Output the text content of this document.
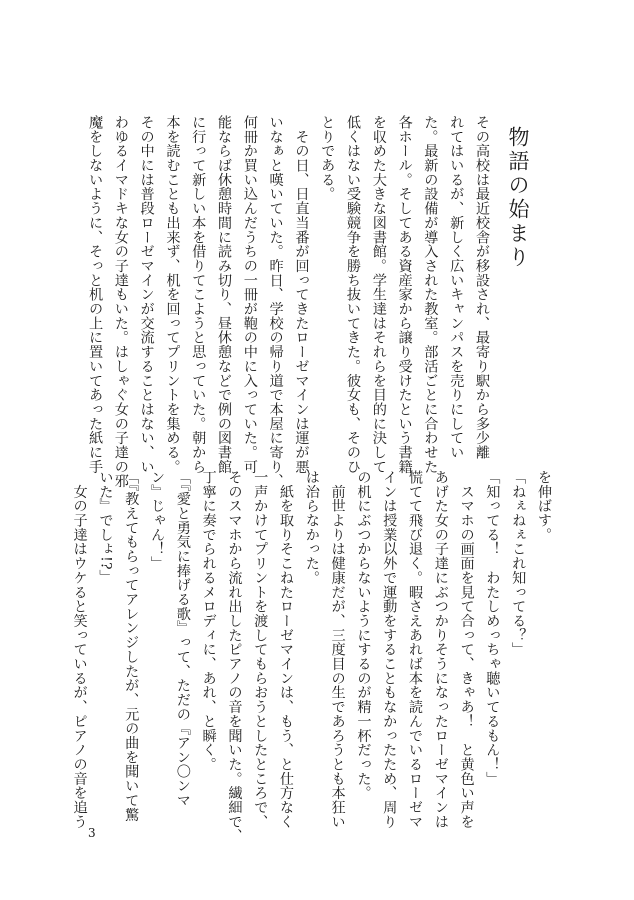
物語の始まり
その高校は最近校舎が移設され、最寄り駅から多少離
れてはいるが、新しく広いキャンパスを売りにしてい
た。最新の設備が導入された教室。部活ごとに合わせた
各ホール。そしてある資産家から譲り受けたという書籍
を収めた大きな図書館。学生達はそれらを目的に決して
低くはない受験競争を勝ち抜いてきた。彼女も、そのひ
とりである。
　その日、日直当番が回ってきたローゼマインは運が悪
いなぁと嘆いていた。昨日、学校の帰り道で本屋に寄り、
何冊か買い込んだうちの一冊が鞄の中に入っていた。可
能ならば休憩時間に読み切り、昼休憩などで例の図書館
に行って新しい本を借りてこようと思っていた。朝から
本を読むことも出来ず、机を回ってプリントを集める。
その中には普段ローゼマインが交流することはない、い
わゆるイマドキな女の子達もいた。はしゃぐ女の子達の邪
魔をしないように、そっと机の上に置いてあった紙に手
を伸ばす。
「ねぇねぇこれ知ってる？」
「知ってる！　わたしめっちゃ聴いてるもん！」
　スマホの画面を見て合って、きゃあ！　と黄色い声を
あげた女の子達にぶつかりそうになったローゼマインは
慌てて飛び退く。暇さえあれば本を読んでいるローゼマ
インは授業以外で運動をすることもなかったため、周り
の机にぶつからないようにするのが精一杯だった。
　前世よりは健康だが、三度目の生であろうとも本狂い
は治らなかった。
　紙を取りそこねたローゼマインは、もう、と仕方なく
一声かけてプリントを渡してもらおうとしたところで、
そのスマホから流れ出したピアノの音を聞いた。繊細で、
丁寧に奏でられるメロディに、あれ、と瞬く。
「『愛と勇気に捧げる歌』って、ただの『アン〇ンマ
ン』じゃん！」
「『教えてもらってアレンジしたが、元の曲を聞いて驚
いた』でしょ!?」
　女の子達はウケると笑っているが、ピアノの音を追う
3
